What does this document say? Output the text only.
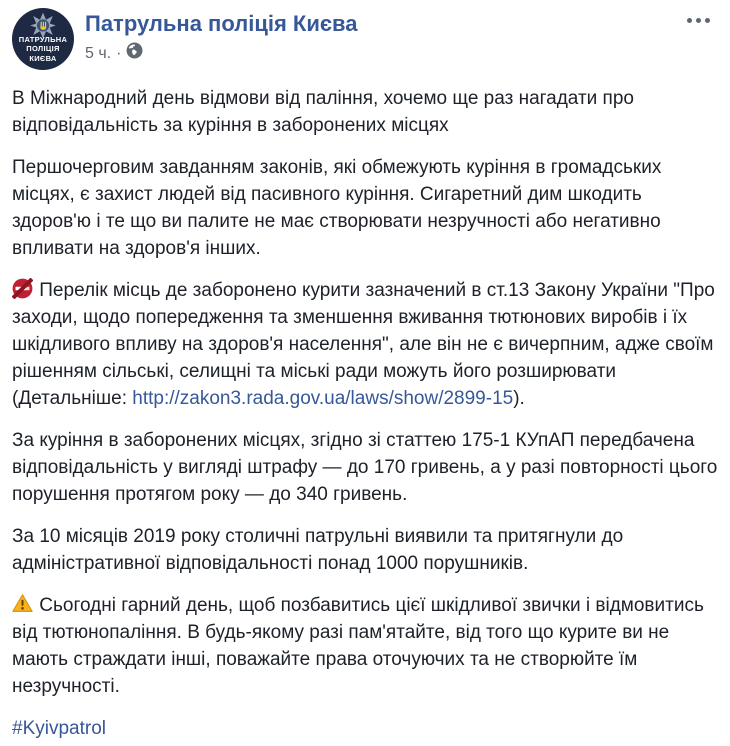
ПАТРУЛЬНА
ПОЛІЦІЯ
КИЄВА
Патрульна поліція Києва
5 ч. ·

В Міжнародний день відмови від паління, хочемо ще раз нагадати про відповідальність за куріння в заборонених місцях

Першочерговим завданням законів, які обмежують куріння в громадських місцях, є захист людей від пасивного куріння. Сигаретний дим шкодить здоров'ю і те що ви палите не має створювати незручності або негативно впливати на здоров'я інших.

Перелік місць де заборонено курити зазначений в ст.13 Закону України "Про заходи, щодо попередження та зменшення вживання тютюнових виробів і їх шкідливого впливу на здоров'я населення", але він не є вичерпним, адже своїм рішенням сільські, селищні та міські ради можуть його розширювати (Детальніше: http://zakon3.rada.gov.ua/laws/show/2899-15).

За куріння в заборонених місцях, згідно зі статтею 175-1 КУпАП передбачена відповідальність у вигляді штрафу — до 170 гривень, а у разі повторності цього порушення протягом року — до 340 гривень.

За 10 місяців 2019 року столичні патрульні виявили та притягнули до адміністративної відповідальності понад 1000 порушників.

Сьогодні гарний день, щоб позбавитись цієї шкідливої звички і відмовитись від тютюнопаління. В будь-якому разі пам'ятайте, від того що курите ви не мають страждати інші, поважайте права оточуючих та не створюйте їм незручності.

#Kyivpatrol
